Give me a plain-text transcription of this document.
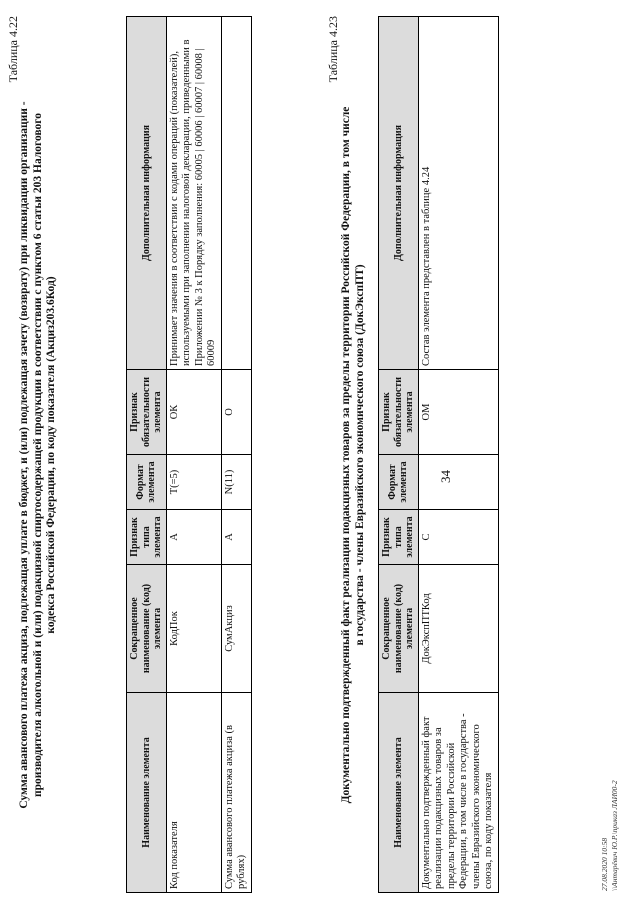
34
Таблица 4.22
Сумма авансового платежа акциза, подлежащая уплате в бюджет, и (или) подлежащая зачету (возврату) при ликвидации организации - производителя алкогольной и (или) подакцизной спиртосодержащей продукции в соответствии с пунктом 6 статьи 203 Налогового кодекса Российской Федерации, по коду показателя (Акциз203.6Код)
Наименование элемента	Сокращенное наименование (код) элемента	Признак типа элемента	Формат элемента	Признак обязательности элемента	Дополнительная информация
Код показателя	КодПок	А	T(=5)	ОК	Принимает значения в соответствии с кодами операций (показателей), используемыми при заполнении налоговой декларации, приведенными в Приложении № 3 к Порядку заполнения: 60005 | 60006 | 60007 | 60008 | 60009
Сумма авансового платежа акциза (в рублях)	СумАкциз	А	N(11)	О	
Таблица 4.23
Документально подтвержденный факт реализации подакцизных товаров за пределы территории Российской Федерации, в том числе в государства - члены Евразийского экономического союза (ДокЭкспПТ)
Наименование элемента	Сокращенное наименование (код) элемента	Признак типа элемента	Формат элемента	Признак обязательности элемента	Дополнительная информация
Документально подтвержденный факт реализации подакцизных товаров за пределы территории Российской Федерации, в том числе в государства - члены Евразийского экономического союза, по коду показателя	ДокЭкспПТКод	С		ОМ	Состав элемента представлен в таблице 4.24
27.08.2020 10:58 \\Антарёвич Ю.Р.\приказ ЛАИ00-2
